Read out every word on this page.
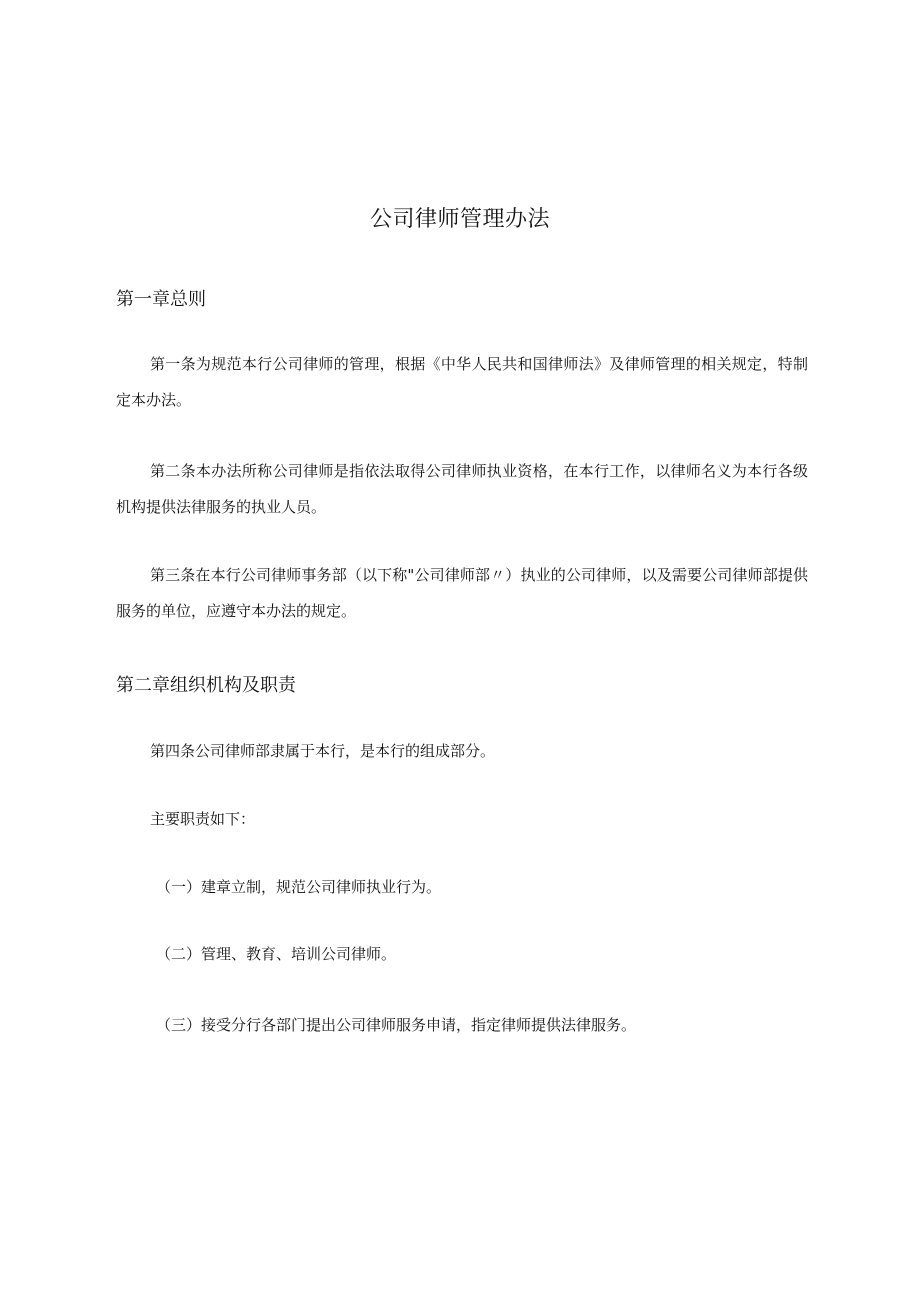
公司律师管理办法
第一章总则
第一条为规范本行公司律师的管理，根据《中华人民共和国律师法》及律师管理的相关规定，特制定本办法。
第二条本办法所称公司律师是指依法取得公司律师执业资格，在本行工作，以律师名义为本行各级机构提供法律服务的执业人员。
第三条在本行公司律师事务部（以下称"公司律师部〃）执业的公司律师，以及需要公司律师部提供服务的单位，应遵守本办法的规定。
第二章组织机构及职责
第四条公司律师部隶属于本行，是本行的组成部分。
主要职责如下：
（一）建章立制，规范公司律师执业行为。
（二）管理、教育、培训公司律师。
（三）接受分行各部门提出公司律师服务申请，指定律师提供法律服务。
